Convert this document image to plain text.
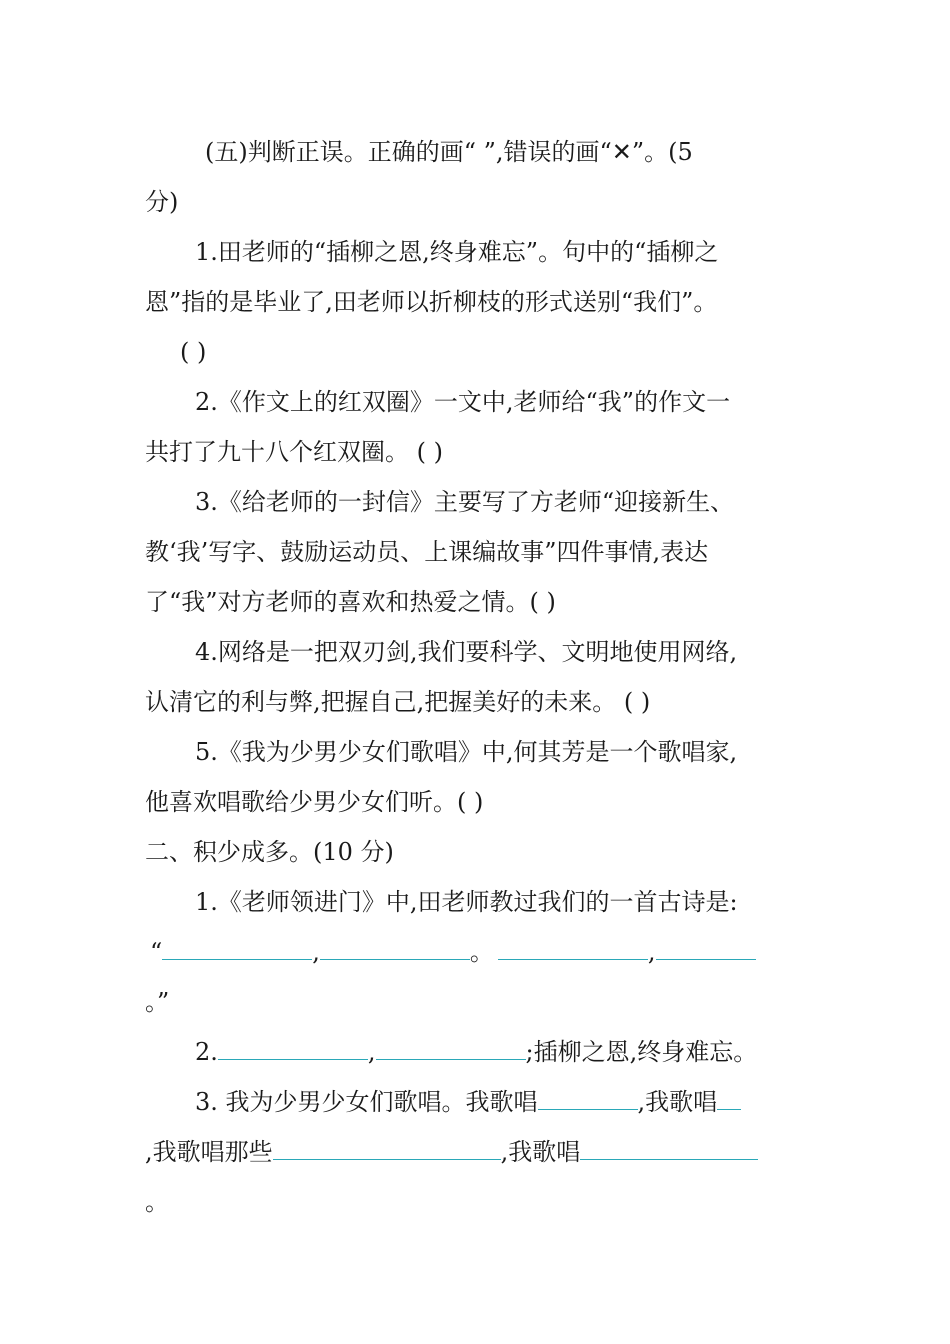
(五)判断正误。正确的画“ ”,错误的画“✕”。(5
分)
1.田老师的“插柳之恩,终身难忘”。句中的“插柳之
恩”指的是毕业了,田老师以折柳枝的形式送别“我们”。
( )
2.《作文上的红双圈》一文中,老师给“我”的作文一
共打了九十八个红双圈。 ( )
3.《给老师的一封信》主要写了方老师“迎接新生、
教‘我’写字、鼓励运动员、上课编故事”四件事情,表达
了“我”对方老师的喜欢和热爱之情。( )
4.网络是一把双刃剑,我们要科学、文明地使用网络,
认清它的利与弊,把握自己,把握美好的未来。 ( )
5.《我为少男少女们歌唱》中,何其芳是一个歌唱家,
他喜欢唱歌给少男少女们听。( )
二、积少成多。(10 分)
1.《老师领进门》中,田老师教过我们的一首古诗是:
“	,	。	,
。”
2.	,	;插柳之恩,终身难忘。
3. 我为少男少女们歌唱。我歌唱	,我歌唱
,我歌唱那些	,我歌唱
。
